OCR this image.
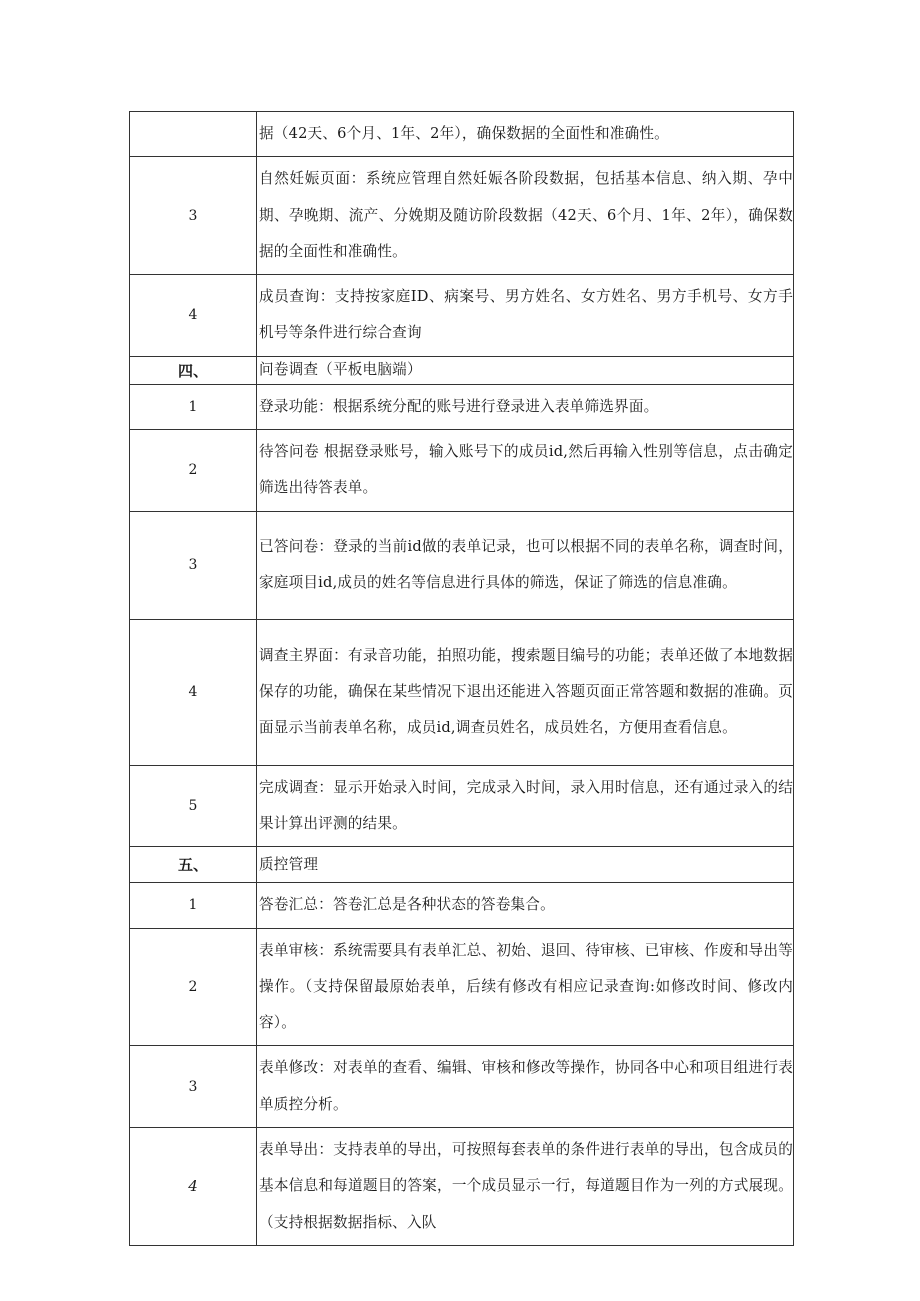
	据（42天、6个月、1年、2年），确保数据的全面性和准确性。
3	自然妊娠页面：系统应管理自然妊娠各阶段数据，包括基本信息、纳入期、孕中期、孕晚期、流产、分娩期及随访阶段数据（42天、6个月、1年、2年），确保数据的全面性和准确性。
4	成员查询：支持按家庭ID、病案号、男方姓名、女方姓名、男方手机号、女方手机号等条件进行综合查询
四、	问卷调查（平板电脑端）
1	登录功能：根据系统分配的账号进行登录进入表单筛选界面。
2	待答问卷 根据登录账号，输入账号下的成员id,然后再输入性别等信息，点击确定筛选出待答表单。
3	已答问卷：登录的当前id做的表单记录，也可以根据不同的表单名称，调查时间，家庭项目id,成员的姓名等信息进行具体的筛选，保证了筛选的信息准确。
4	调查主界面：有录音功能，拍照功能，搜索题目编号的功能；表单还做了本地数据保存的功能，确保在某些情况下退出还能进入答题页面正常答题和数据的准确。页面显示当前表单名称，成员id,调查员姓名，成员姓名，方便用查看信息。
5	完成调查：显示开始录入时间，完成录入时间，录入用时信息，还有通过录入的结果计算出评测的结果。
五、	质控管理
1	答卷汇总：答卷汇总是各种状态的答卷集合。
2	表单审核：系统需要具有表单汇总、初始、退回、待审核、已审核、作废和导出等操作。（支持保留最原始表单，后续有修改有相应记录查询:如修改时间、修改内容）。
3	表单修改：对表单的查看、编辑、审核和修改等操作，协同各中心和项目组进行表单质控分析。
4	表单导出：支持表单的导出，可按照每套表单的条件进行表单的导出，包含成员的基本信息和每道题目的答案，一个成员显示一行，每道题目作为一列的方式展现。（支持根据数据指标、入队
